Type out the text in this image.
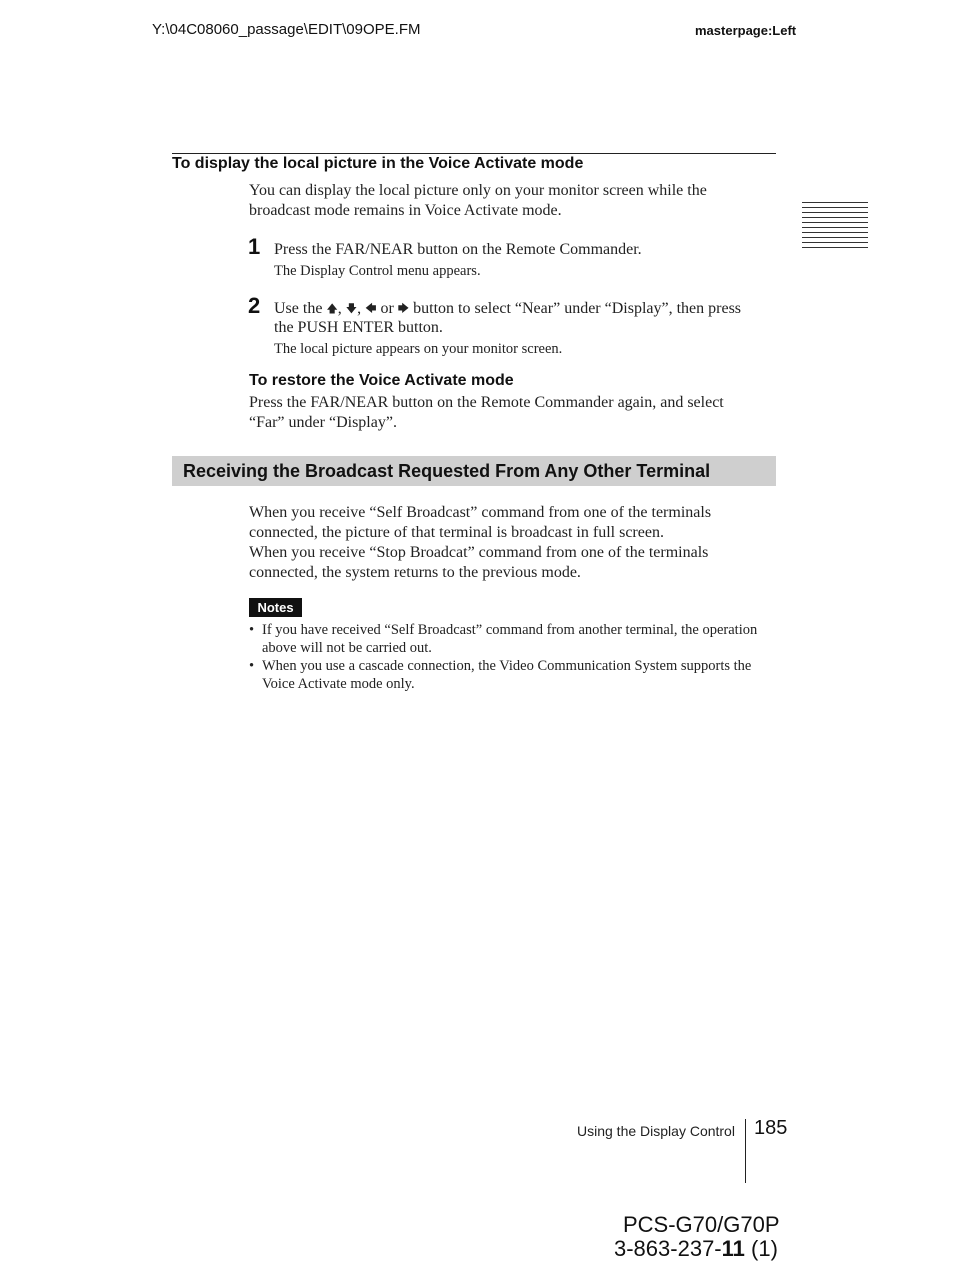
Y:\04C08060_passage\EDIT\09OPE.FM	masterpage:Left
To display the local picture in the Voice Activate mode
You can display the local picture only on your monitor screen while the
broadcast mode remains in Voice Activate mode.
1 Press the FAR/NEAR button on the Remote Commander.
The Display Control menu appears.
2 Use the 🡅, 🡇, 🡄 or 🡆 button to select “Near” under “Display”, then press
the PUSH ENTER button.
The local picture appears on your monitor screen.
To restore the Voice Activate mode
Press the FAR/NEAR button on the Remote Commander again, and select
“Far” under “Display”.
Receiving the Broadcast Requested From Any Other Terminal
When you receive “Self Broadcast” command from one of the terminals
connected, the picture of that terminal is broadcast in full screen.
When you receive “Stop Broadcat” command from one of the terminals
connected, the system returns to the previous mode.
Notes
• If you have received “Self Broadcast” command from another terminal, the operation
above will not be carried out.
• When you use a cascade connection, the Video Communication System supports the
Voice Activate mode only.
Using the Display Control 185
PCS-G70/G70P
3-863-237-11 (1)
